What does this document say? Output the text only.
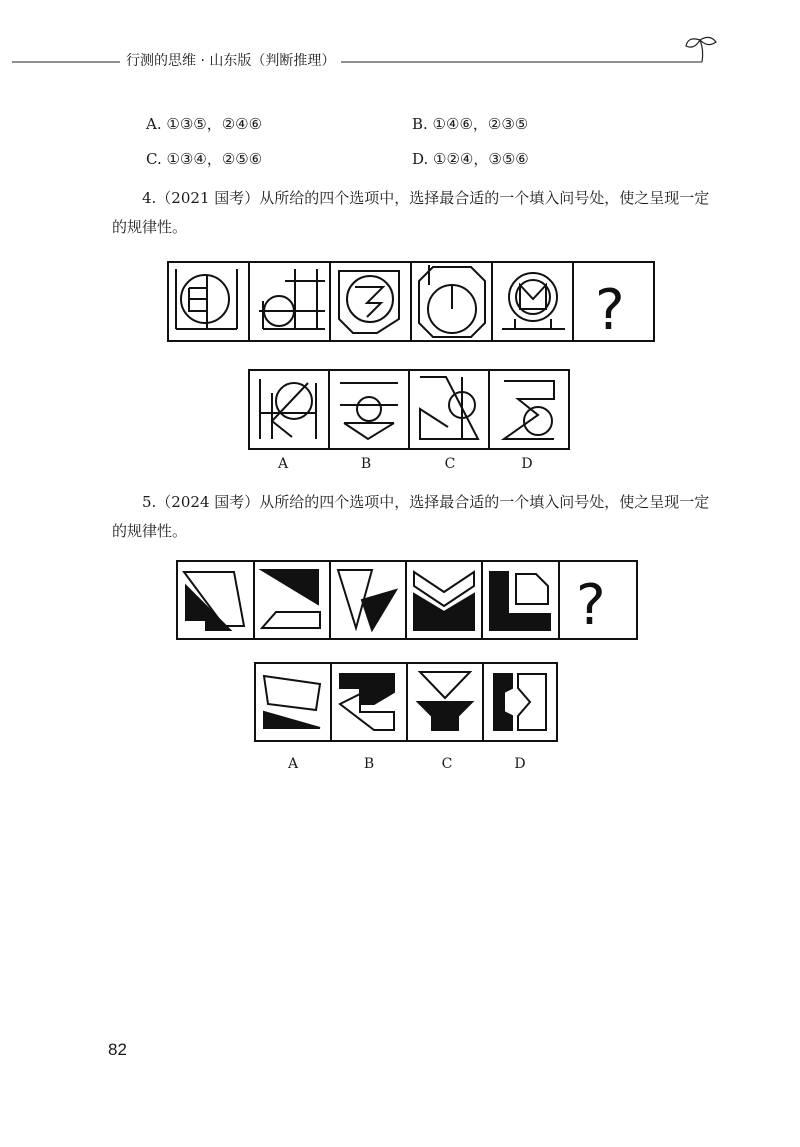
行测的思维 · 山东版（判断推理）
A. ①③⑤，②④⑥	B. ①④⑥，②③⑤
C. ①③④，②⑤⑥	D. ①②④，③⑤⑥
4.（2021 国考）从所给的四个选项中，选择最合适的一个填入问号处，使之呈现一定的规律性。
?
A	B	C	D
5.（2024 国考）从所给的四个选项中，选择最合适的一个填入问号处，使之呈现一定的规律性。
?
A	B	C	D
82
